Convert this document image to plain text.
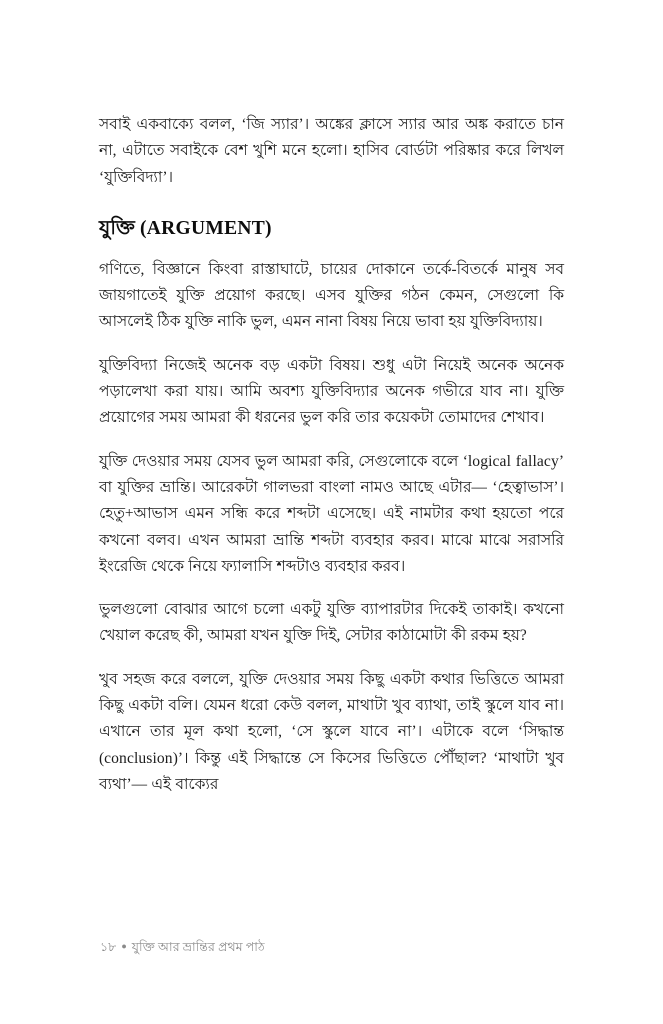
সবাই একবাক্যে বলল, ‘জি স্যার’। অঙ্কের ক্লাসে স্যার আর অঙ্ক করাতে চান না, এটাতে সবাইকে বেশ খুশি মনে হলো। হাসিব বোর্ডটা পরিষ্কার করে লিখল ‘যুক্তিবিদ্যা’।

যুক্তি (ARGUMENT)

গণিতে, বিজ্ঞানে কিংবা রাস্তাঘাটে, চায়ের দোকানে তর্কে-বিতর্কে মানুষ সব জায়গাতেই যুক্তি প্রয়োগ করছে। এসব যুক্তির গঠন কেমন, সেগুলো কি আসলেই ঠিক যুক্তি নাকি ভুল, এমন নানা বিষয় নিয়ে ভাবা হয় যুক্তিবিদ্যায়।

যুক্তিবিদ্যা নিজেই অনেক বড় একটা বিষয়। শুধু এটা নিয়েই অনেক অনেক পড়ালেখা করা যায়। আমি অবশ্য যুক্তিবিদ্যার অনেক গভীরে যাব না। যুক্তি প্রয়োগের সময় আমরা কী ধরনের ভুল করি তার কয়েকটা তোমাদের শেখাব।

যুক্তি দেওয়ার সময় যেসব ভুল আমরা করি, সেগুলোকে বলে ‘logical fallacy’ বা যুক্তির ভ্রান্তি। আরেকটা গালভরা বাংলা নামও আছে এটার— ‘হেত্বাভাস’। হেতু+আভাস এমন সন্ধি করে শব্দটা এসেছে। এই নামটার কথা হয়তো পরে কখনো বলব। এখন আমরা ভ্রান্তি শব্দটা ব্যবহার করব। মাঝে মাঝে সরাসরি ইংরেজি থেকে নিয়ে ফ্যালাসি শব্দটাও ব্যবহার করব।

ভুলগুলো বোঝার আগে চলো একটু যুক্তি ব্যাপারটার দিকেই তাকাই। কখনো খেয়াল করেছ কী, আমরা যখন যুক্তি দিই, সেটার কাঠামোটা কী রকম হয়?

খুব সহজ করে বললে, যুক্তি দেওয়ার সময় কিছু একটা কথার ভিত্তিতে আমরা কিছু একটা বলি। যেমন ধরো কেউ বলল, মাথাটা খুব ব্যাথা, তাই স্কুলে যাব না। এখানে তার মূল কথা হলো, ‘সে স্কুলে যাবে না’। এটাকে বলে ‘সিদ্ধান্ত (conclusion)’। কিন্তু এই সিদ্ধান্তে সে কিসের ভিত্তিতে পৌঁছাল? ‘মাথাটা খুব ব্যথা’— এই বাক্যের

১৮ ● যুক্তি আর ভ্রান্তির প্রথম পাঠ
